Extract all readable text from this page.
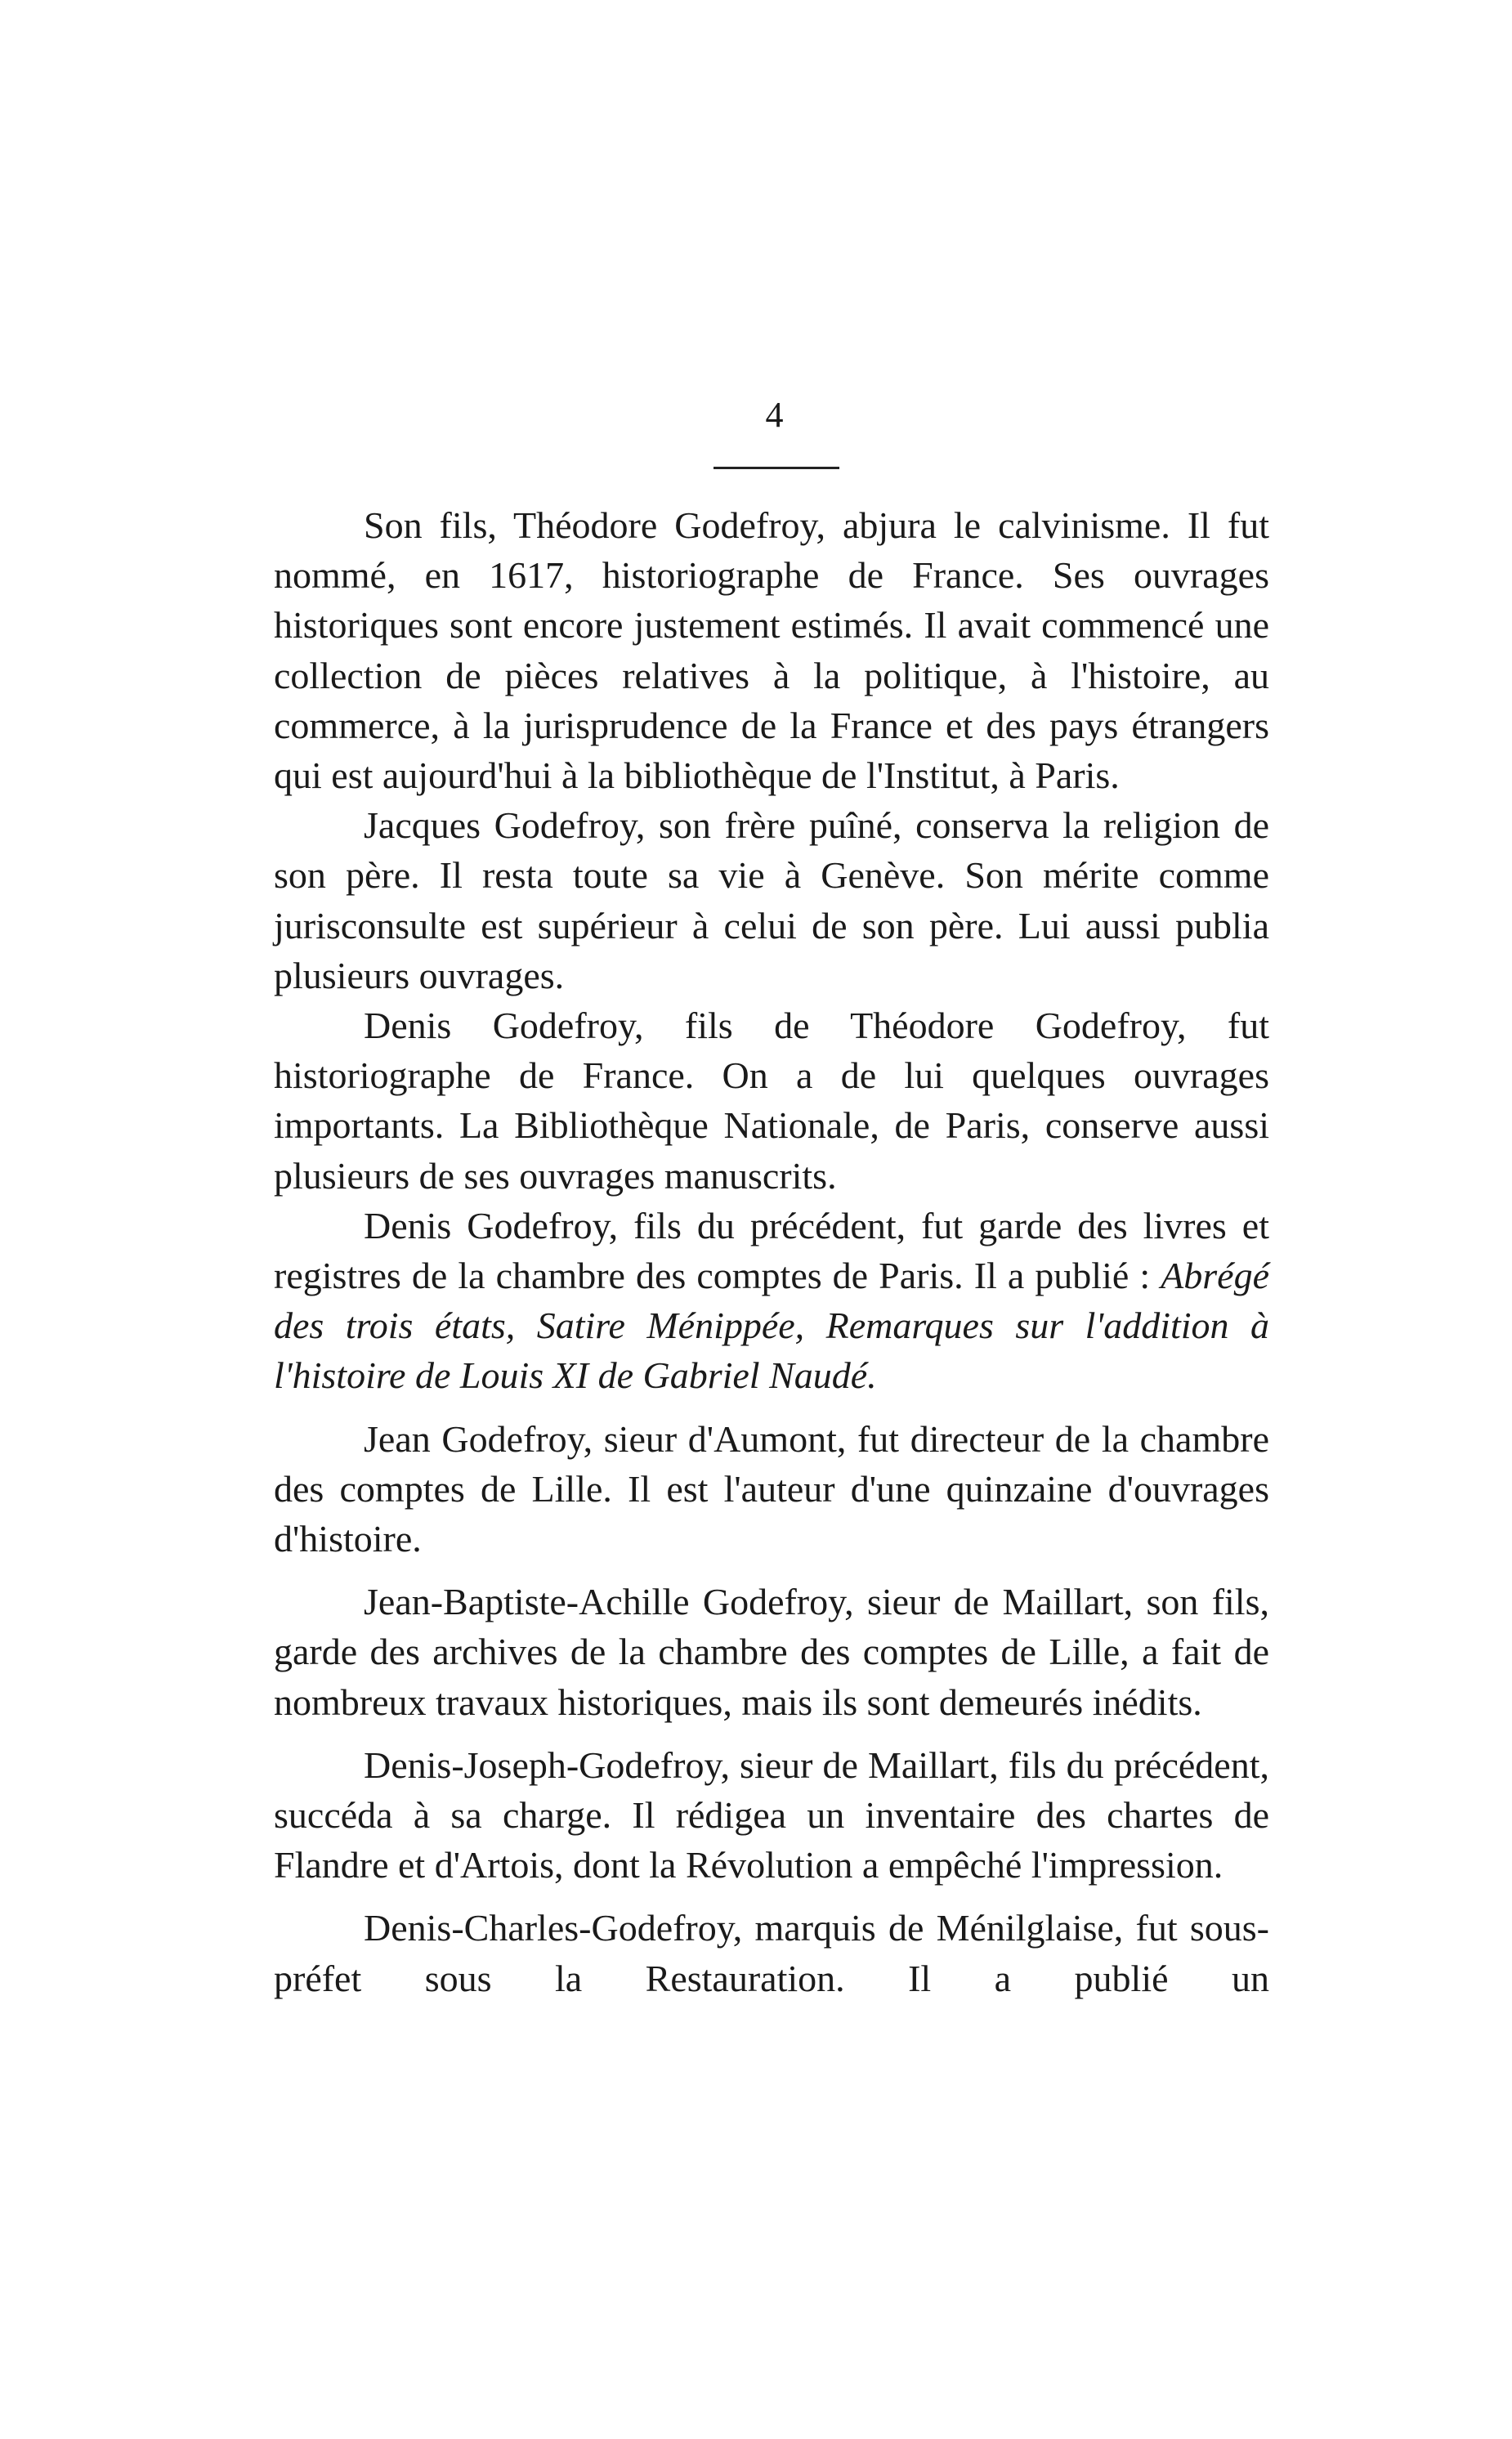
4

Son fils, Théodore Godefroy, abjura le calvinisme. Il fut nommé, en 1617, historiographe de France. Ses ouvrages historiques sont encore justement estimés. Il avait commencé une collection de pièces relatives à la politique, à l'histoire, au commerce, à la jurisprudence de la France et des pays étrangers qui est aujourd'hui à la bibliothèque de l'Institut, à Paris.

Jacques Godefroy, son frère puîné, conserva la religion de son père. Il resta toute sa vie à Genève. Son mérite comme jurisconsulte est supérieur à celui de son père. Lui aussi publia plusieurs ouvrages.

Denis Godefroy, fils de Théodore Godefroy, fut historiographe de France. On a de lui quelques ouvrages importants. La Bibliothèque Nationale, de Paris, conserve aussi plusieurs de ses ouvrages manuscrits.

Denis Godefroy, fils du précédent, fut garde des livres et registres de la chambre des comptes de Paris. Il a publié : Abrégé des trois états, Satire Ménippée, Remarques sur l'addition à l'histoire de Louis XI de Gabriel Naudé.

Jean Godefroy, sieur d'Aumont, fut directeur de la chambre des comptes de Lille. Il est l'auteur d'une quinzaine d'ouvrages d'histoire.

Jean-Baptiste-Achille Godefroy, sieur de Maillart, son fils, garde des archives de la chambre des comptes de Lille, a fait de nombreux travaux historiques, mais ils sont demeurés inédits.

Denis-Joseph-Godefroy, sieur de Maillart, fils du précédent, succéda à sa charge. Il rédigea un inventaire des chartes de Flandre et d'Artois, dont la Révolution a empêché l'impression.

Denis-Charles-Godefroy, marquis de Ménilglaise, fut sous-préfet sous la Restauration. Il a publié un
